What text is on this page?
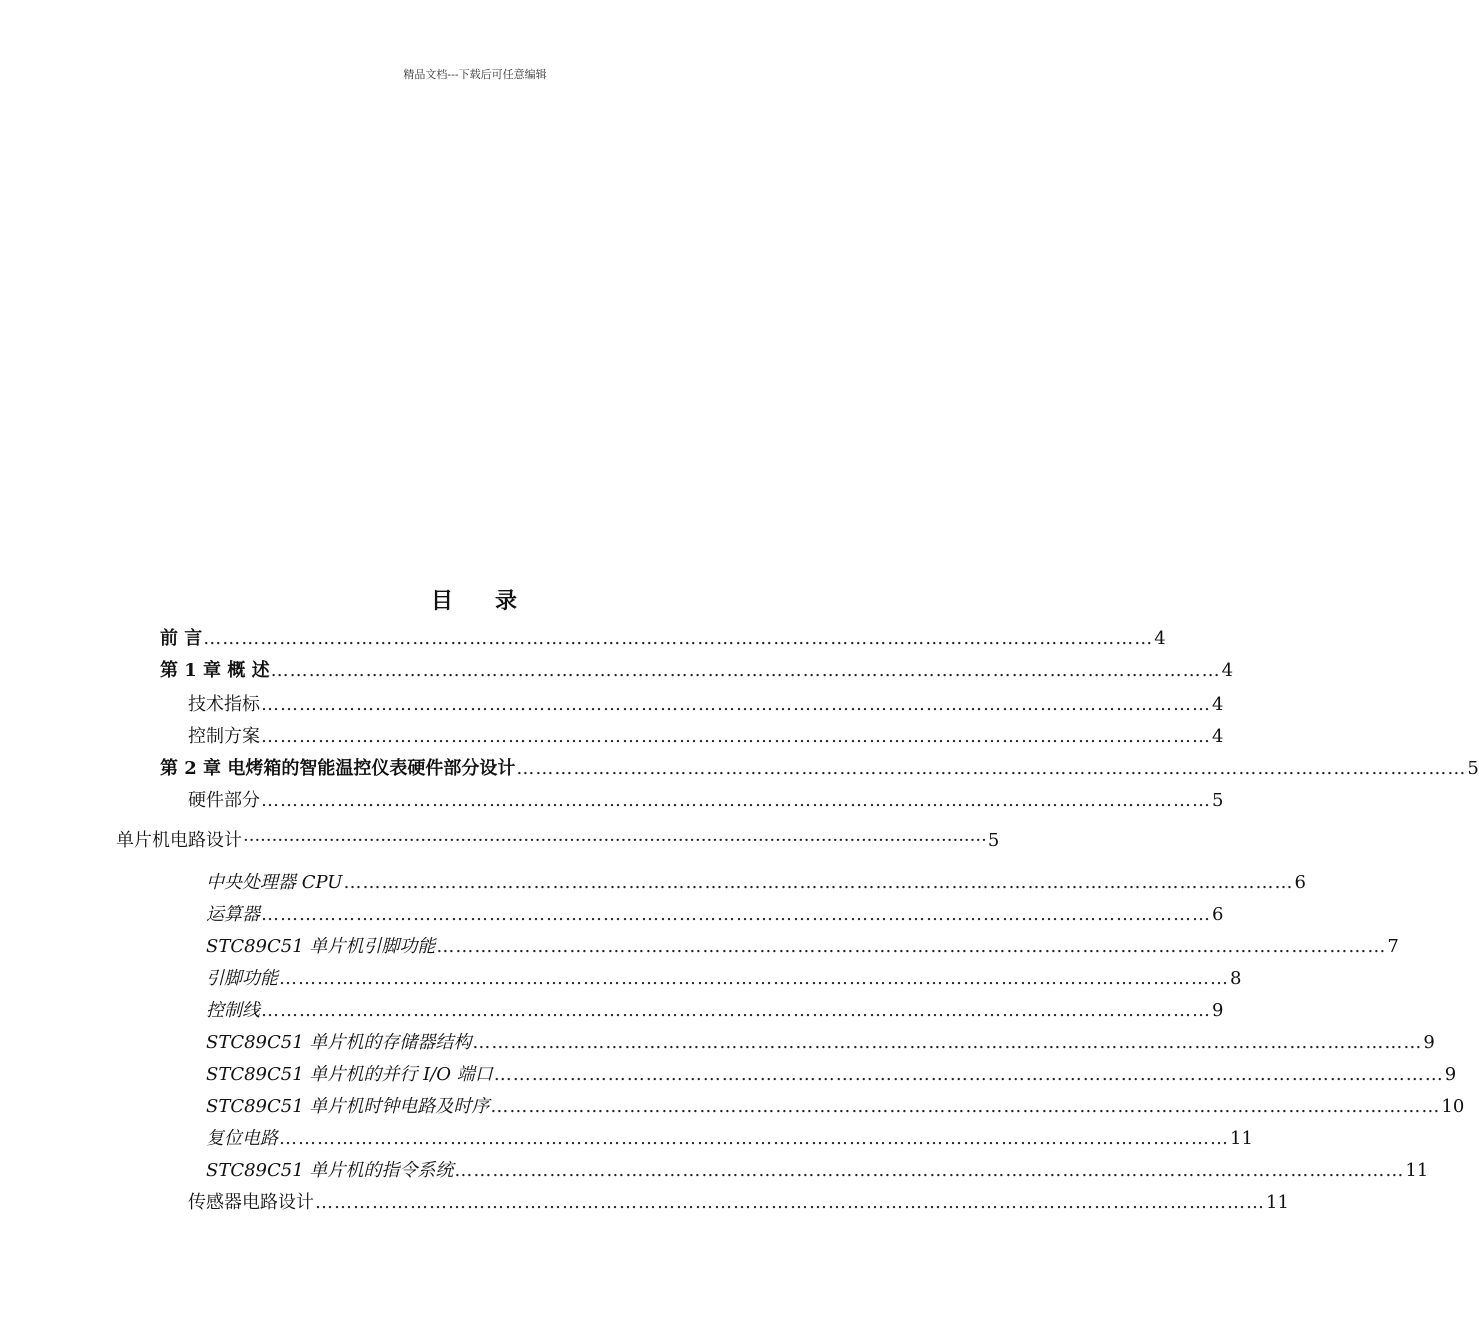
精品文档---下载后可任意编辑
目 录
前 言 …………………………………………………………………………………………………………………………………… 4
第 1 章 概 述 …………………………………………………………………………………………………………………………………… 4
技术指标 …………………………………………………………………………………………………………………………………… 4
控制方案 …………………………………………………………………………………………………………………………………… 4
第 2 章 电烤箱的智能温控仪表硬件部分设计 …………………………………………………………………………………………………………………………………… 5
硬件部分 …………………………………………………………………………………………………………………………………… 5
单片机电路设计 ·································································································································· 5
中央处理器 CPU …………………………………………………………………………………………………………………………………… 6
运算器 …………………………………………………………………………………………………………………………………… 6
STC89C51 单片机引脚功能 …………………………………………………………………………………………………………………………………… 7
引脚功能 …………………………………………………………………………………………………………………………………… 8
控制线 …………………………………………………………………………………………………………………………………… 9
STC89C51 单片机的存储器结构 …………………………………………………………………………………………………………………………………… 9
STC89C51 单片机的并行 I/O 端口 …………………………………………………………………………………………………………………………………… 9
STC89C51 单片机时钟电路及时序 …………………………………………………………………………………………………………………………………… 10
复位电路 …………………………………………………………………………………………………………………………………… 11
STC89C51 单片机的指令系统 …………………………………………………………………………………………………………………………………… 11
传感器电路设计 …………………………………………………………………………………………………………………………………… 11
